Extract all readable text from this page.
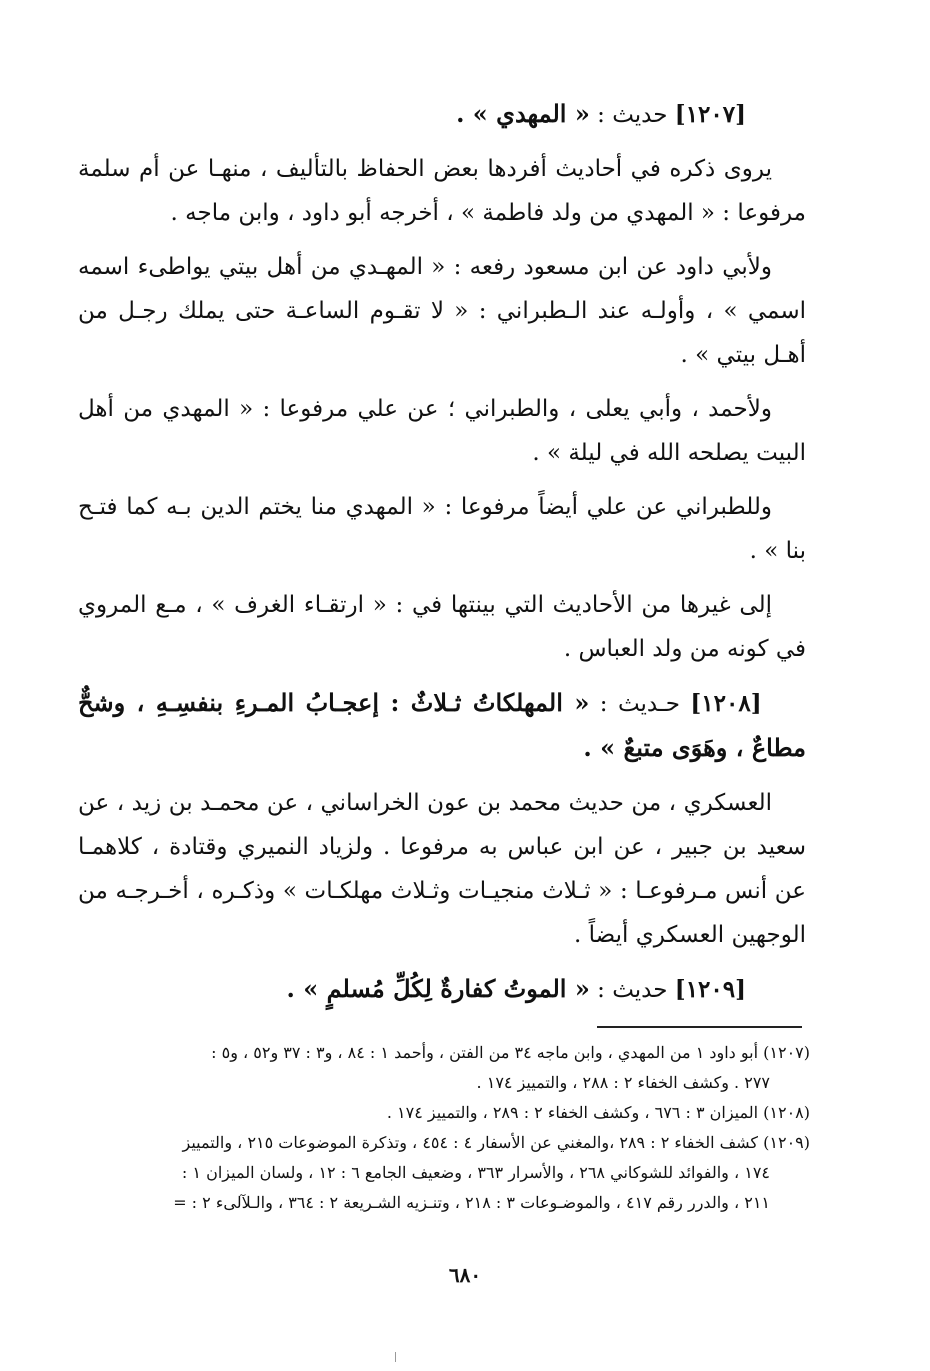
[١٢٠٧] حديث : « المهدي » .

يروى ذكره في أحاديث أفردها بعض الحفاظ بالتأليف ، منهـا عن أم سلمة مرفوعا : « المهدي من ولد فاطمة » ، أخرجه أبو داود ، وابن ماجه .

ولأبي داود عن ابن مسعود رفعه : « المهـدي من أهل بيتي يواطىء اسمه اسمي » ، وأولـه عند الـطبراني : « لا تقـوم الساعـة حتى يملك رجـل من أهـل بيتي » .

ولأحمد ، وأبي يعلى ، والطبراني ؛ عن علي مرفوعا : « المهدي من أهل البيت يصلحه الله في ليلة » .

وللطبراني عن علي أيضاً مرفوعا : « المهدي منا يختم الدين بـه كما فتـح بنا » .

إلى غيرها من الأحاديث التي بينتها في : « ارتقـاء الغرف » ، مـع المروي في كونه من ولد العباس .

[١٢٠٨] حـديث : « المهلكاتُ ثـلاثٌ : إعجـابُ المـرءِ بنفسِـهِ ، وشحٌّ مطاعٌ ، وهَوَى متبعٌ » .

العسكري ، من حديث محمد بن عون الخراساني ، عن محمـد بن زيد ، عن سعيد بن جبير ، عن ابن عباس به مرفوعا . ولزياد النميري وقتادة ، كلاهمـا عن أنس مـرفوعـا : « ثـلاث منجيـات وثـلاث مهلكـات » وذكـره ، أخـرجـه من الوجهين العسكري أيضاً .

[١٢٠٩] حديث : « الموتُ كفارةٌ لِكُلِّ مُسلمٍ » .

(١٢٠٧) أبو داود ١ من المهدي ، وابن ماجه ٣٤ من الفتن ، وأحمد ١ : ٨٤ ، و٣ : ٣٧ و٥٢ ، و٥ :
٢٧٧ . وكشف الخفاء ٢ : ٢٨٨ ، والتمييز ١٧٤ .

(١٢٠٨) الميزان ٣ : ٦٧٦ ، وكشف الخفاء ٢ : ٢٨٩ ، والتمييز ١٧٤ .

(١٢٠٩) كشف الخفاء ٢ : ٢٨٩ ،والمغني عن الأسفار ٤ : ٤٥٤ ، وتذكرة الموضوعات ٢١٥ ، والتمييز
١٧٤ ، والفوائد للشوكاني ٢٦٨ ، والأسرار ٣٦٣ ، وضعيف الجامع ٦ : ١٢ ، ولسان الميزان ١ :
٢١١ ، والدرر رقم ٤١٧ ، والموضـوعات ٣ : ٢١٨ ، وتنـزيه الشـريعة ٢ : ٣٦٤ ، والـلآلىء ٢ : =

٦٨٠
